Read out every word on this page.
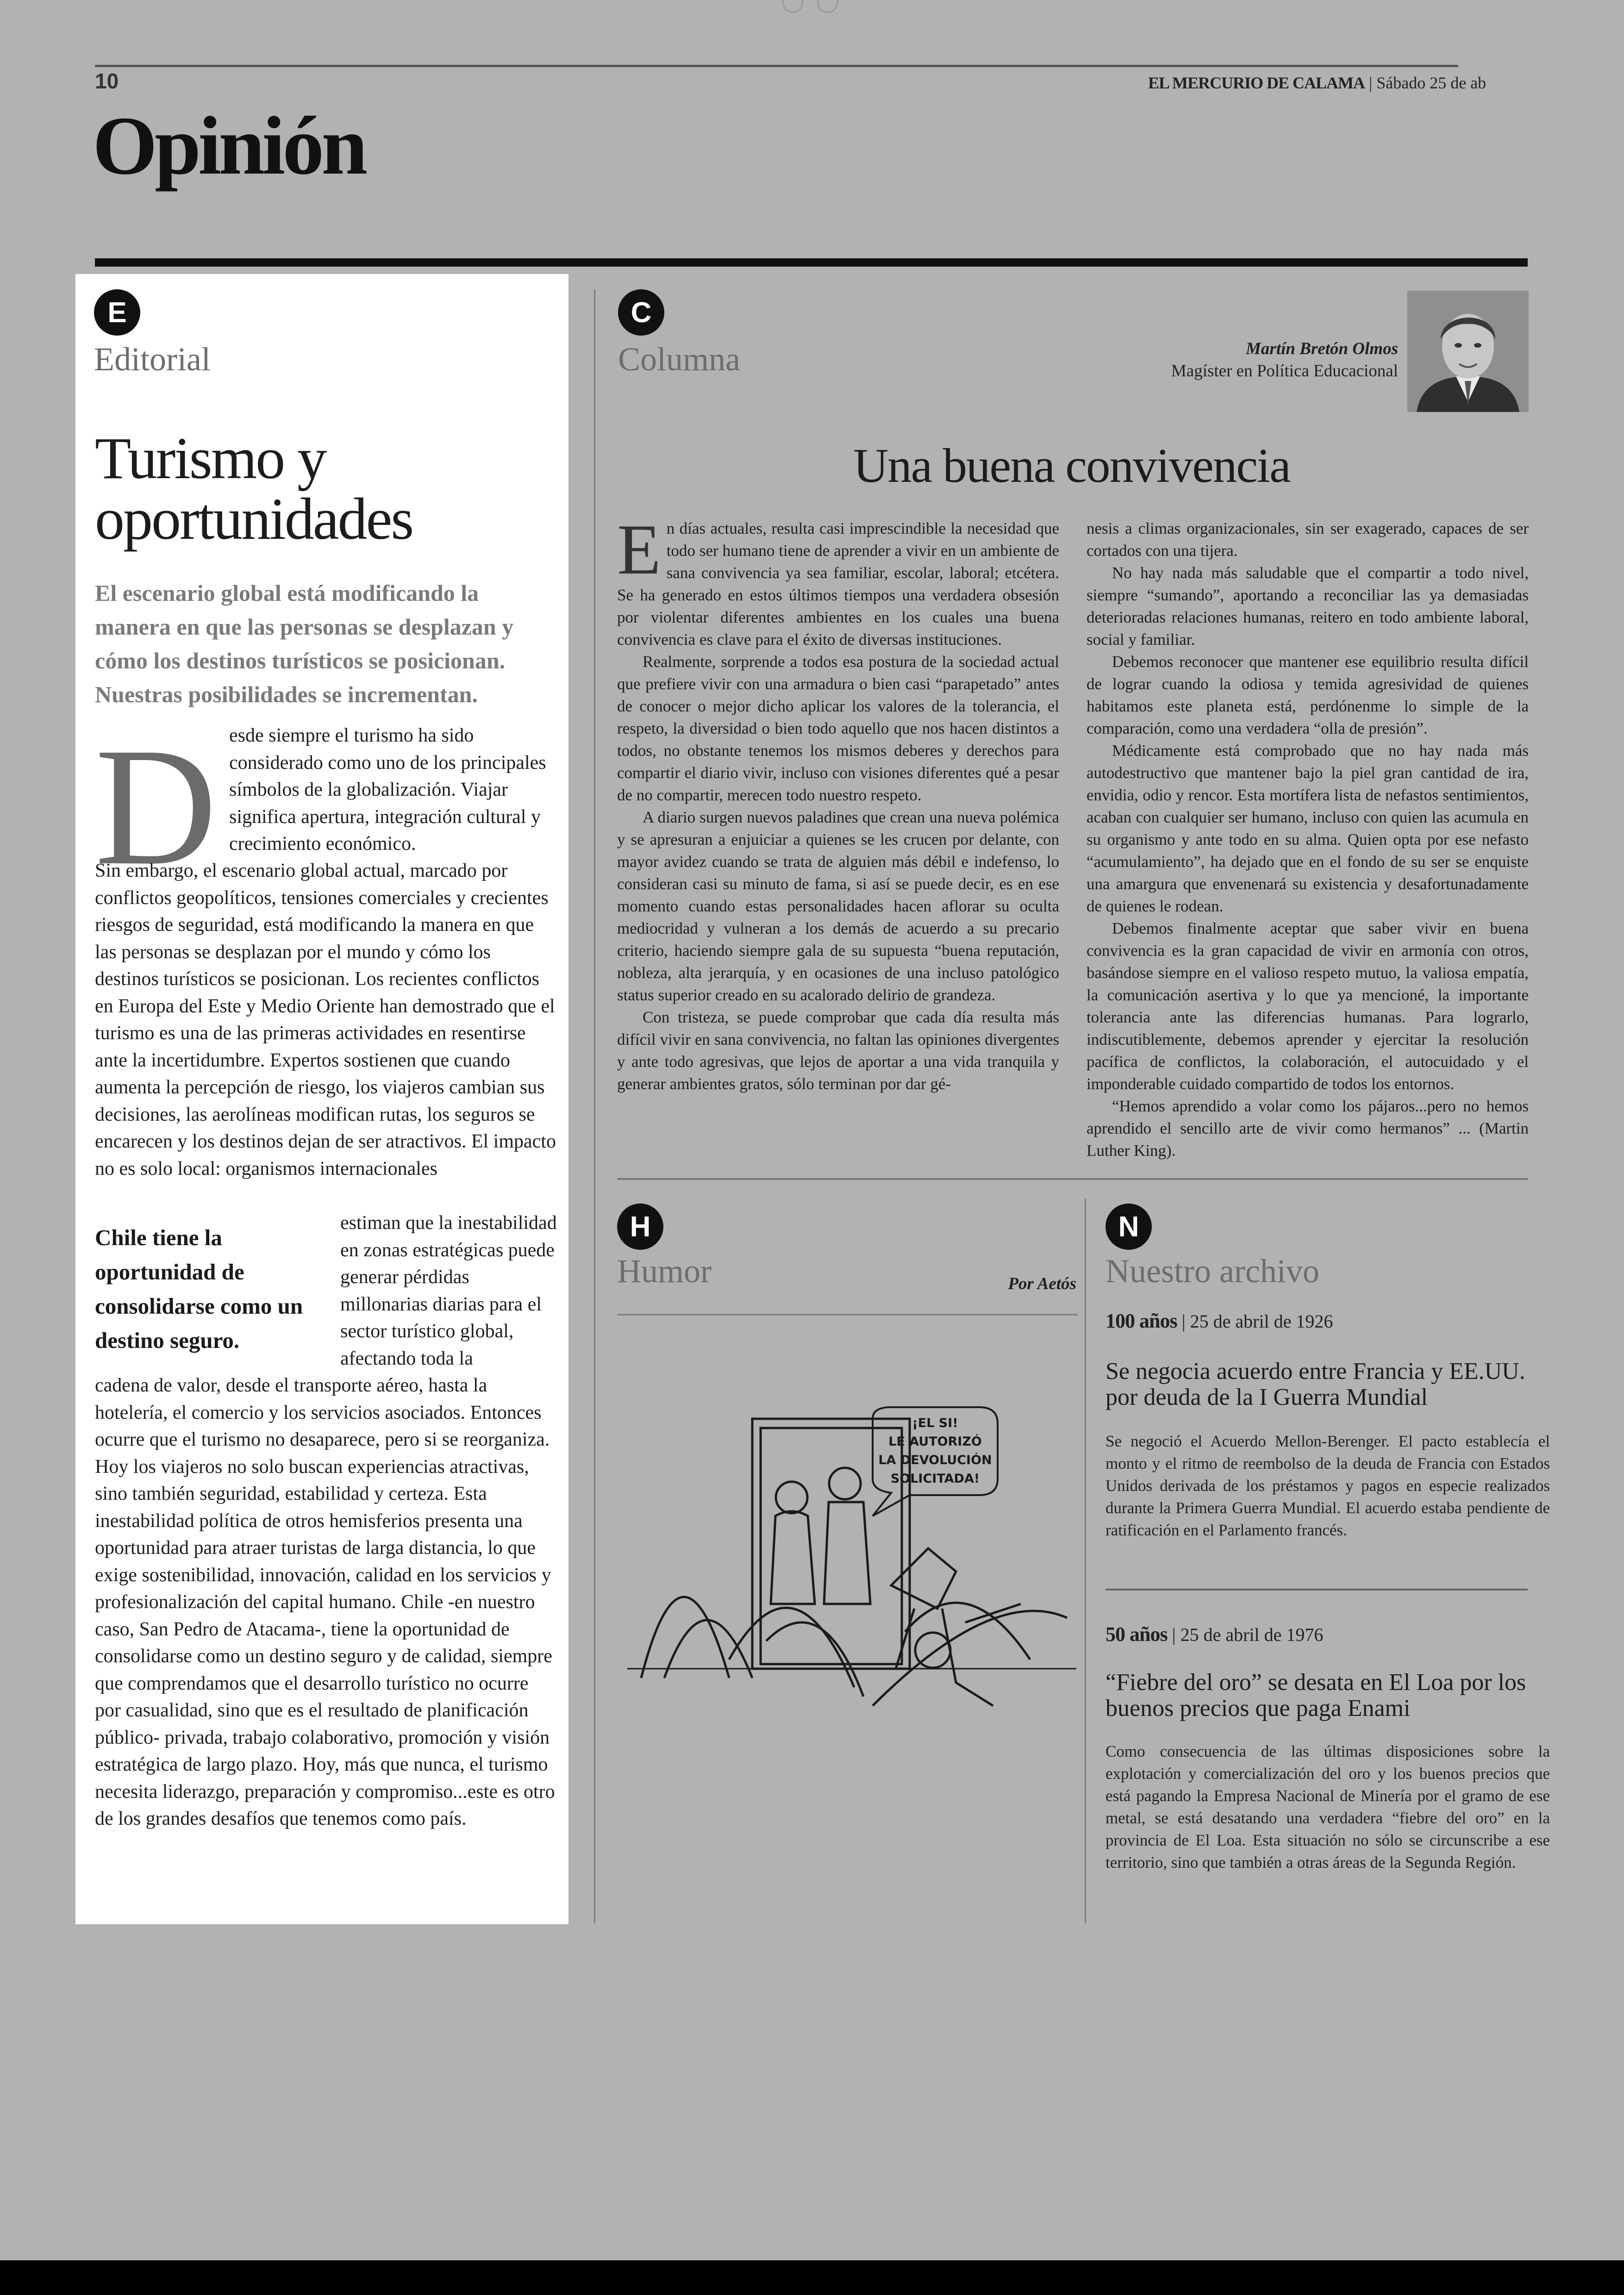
10	EL MERCURIO DE CALAMA | Sábado 25 de ab
Opinión
E
Editorial
Turismo y oportunidades
El escenario global está modificando la manera en que las personas se desplazan y cómo los destinos turísticos se posicionan. Nuestras posibilidades se incrementan.
D esde siempre el turismo ha sido considerado como uno de los principales símbolos de la globalización. Viajar significa apertura, integración cultural y crecimiento económico.

Sin embargo, el escenario global actual, marcado por conflictos geopolíticos, tensiones comerciales y crecientes riesgos de seguridad, está modificando la manera en que las personas se desplazan por el mundo y cómo los destinos turísticos se posicionan. Los recientes conflictos en Europa del Este y Medio Oriente han demostrado que el turismo es una de las primeras actividades en resentirse ante la incertidumbre. Expertos sostienen que cuando aumenta la percepción de riesgo, los viajeros cambian sus decisiones, las aerolíneas modifican rutas, los seguros se encarecen y los destinos dejan de ser atractivos. El impacto no es solo local: organismos internacionales

Chile tiene la oportunidad de consolidarse como un destino seguro.

estiman que la inestabilidad en zonas estratégicas puede generar pérdidas millonarias diarias para el sector turístico global, afectando toda la

cadena de valor, desde el transporte aéreo, hasta la hotelería, el comercio y los servicios asociados. Entonces ocurre que el turismo no desaparece, pero si se reorganiza. Hoy los viajeros no solo buscan experiencias atractivas, sino también seguridad, estabilidad y certeza. Esta inestabilidad política de otros hemisferios presenta una oportunidad para atraer turistas de larga distancia, lo que exige sostenibilidad, innovación, calidad en los servicios y profesionalización del capital humano. Chile -en nuestro caso, San Pedro de Atacama-, tiene la oportunidad de consolidarse como un destino seguro y de calidad, siempre que comprendamos que el desarrollo turístico no ocurre por casualidad, sino que es el resultado de planificación público- privada, trabajo colaborativo, promoción y visión estratégica de largo plazo. Hoy, más que nunca, el turismo necesita liderazgo, preparación y compromiso...este es otro de los grandes desafíos que tenemos como país.

C
Columna	Martín Bretón Olmos
Magíster en Política Educacional
Una buena convivencia

En días actuales, resulta casi imprescindible la necesidad que todo ser humano tiene de aprender a vivir en un ambiente de sana convivencia ya sea familiar, escolar, laboral; etcétera. Se ha generado en estos últimos tiempos una verdadera obsesión por violentar diferentes ambientes en los cuales una buena convivencia es clave para el éxito de diversas instituciones.

Realmente, sorprende a todos esa postura de la sociedad actual que prefiere vivir con una armadura o bien casi “parapetado” antes de conocer o mejor dicho aplicar los valores de la tolerancia, el respeto, la diversidad o bien todo aquello que nos hacen distintos a todos, no obstante tenemos los mismos deberes y derechos para compartir el diario vivir, incluso con visiones diferentes qué a pesar de no compartir, merecen todo nuestro respeto.

A diario surgen nuevos paladines que crean una nueva polémica y se apresuran a enjuiciar a quienes se les crucen por delante, con mayor avidez cuando se trata de alguien más débil e indefenso, lo consideran casi su minuto de fama, si así se puede decir, es en ese momento cuando estas personalidades hacen aflorar su oculta mediocridad y vulneran a los demás de acuerdo a su precario criterio, haciendo siempre gala de su supuesta “buena reputación, nobleza, alta jerarquía, y en ocasiones de una incluso patológico status superior creado en su acalorado delirio de grandeza.

Con tristeza, se puede comprobar que cada día resulta más difícil vivir en sana convivencia, no faltan las opiniones divergentes y ante todo agresivas, que lejos de aportar a una vida tranquila y generar ambientes gratos, sólo terminan por dar gé-

nesis a climas organizacionales, sin ser exagerado, capaces de ser cortados con una tijera.

No hay nada más saludable que el compartir a todo nivel, siempre “sumando”, aportando a reconciliar las ya demasiadas deterioradas relaciones humanas, reitero en todo ambiente laboral, social y familiar.

Debemos reconocer que mantener ese equilibrio resulta difícil de lograr cuando la odiosa y temida agresividad de quienes habitamos este planeta está, perdónenme lo simple de la comparación, como una verdadera “olla de presión”.

Médicamente está comprobado que no hay nada más autodestructivo que mantener bajo la piel gran cantidad de ira, envidia, odio y rencor. Esta mortífera lista de nefastos sentimientos, acaban con cualquier ser humano, incluso con quien las acumula en su organismo y ante todo en su alma. Quien opta por ese nefasto “acumulamiento”, ha dejado que en el fondo de su ser se enquiste una amargura que envenenará su existencia y desafortunadamente de quienes le rodean.

Debemos finalmente aceptar que saber vivir en buena convivencia es la gran capacidad de vivir en armonía con otros, basándose siempre en el valioso respeto mutuo, la valiosa empatía, la comunicación asertiva y lo que ya mencioné, la importante tolerancia ante las diferencias humanas. Para lograrlo, indiscutiblemente, debemos aprender y ejercitar la resolución pacífica de conflictos, la colaboración, el autocuidado y el imponderable cuidado compartido de todos los entornos.

“Hemos aprendido a volar como los pájaros...pero no hemos aprendido el sencillo arte de vivir como hermanos” ... (Martin Luther King).

H
Humor	Por Aetós
¡EL SI!
LE AUTORIZÓ
LA DEVOLUCIÓN
SOLICITADA!
N
Nuestro archivo
100 años | 25 de abril de 1926
Se negocia acuerdo entre Francia y EE.UU. por deuda de la I Guerra Mundial
Se negoció el Acuerdo Mellon-Berenger. El pacto establecía el monto y el ritmo de reembolso de la deuda de Francia con Estados Unidos derivada de los préstamos y pagos en especie realizados durante la Primera Guerra Mundial. El acuerdo estaba pendiente de ratificación en el Parlamento francés.
50 años | 25 de abril de 1976
“Fiebre del oro” se desata en El Loa por los buenos precios que paga Enami
Como consecuencia de las últimas disposiciones sobre la explotación y comercialización del oro y los buenos precios que está pagando la Empresa Nacional de Minería por el gramo de ese metal, se está desatando una verdadera “fiebre del oro” en la provincia de El Loa. Esta situación no sólo se circunscribe a ese territorio, sino que también a otras áreas de la Segunda Región.
